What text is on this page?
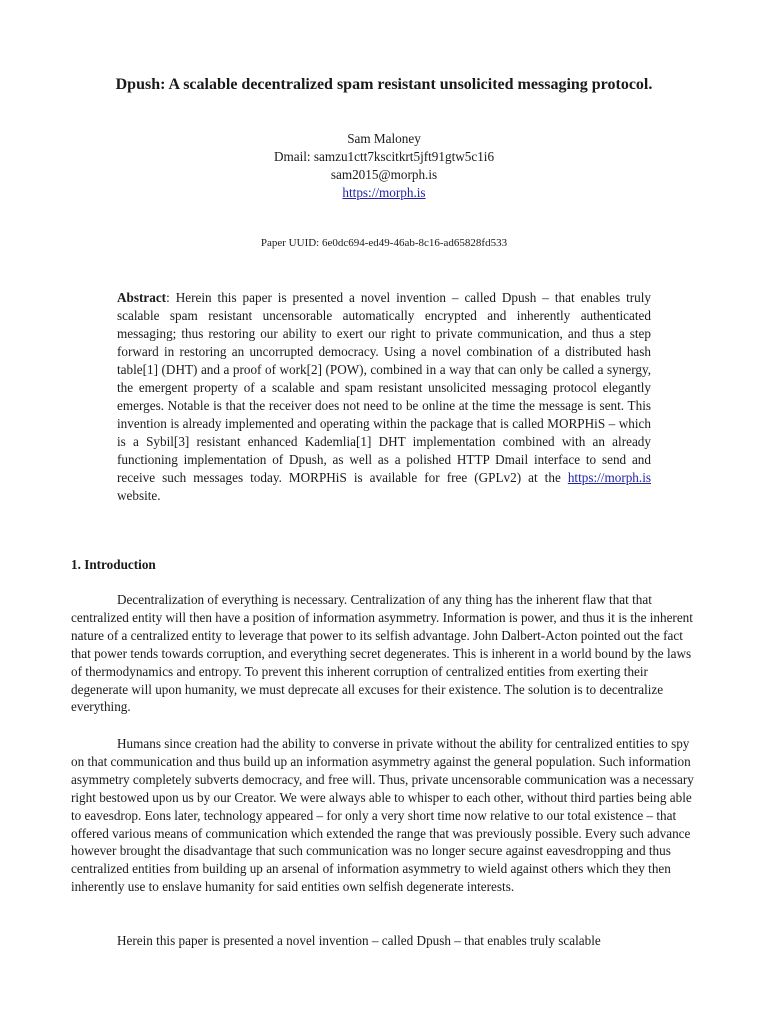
Dpush: A scalable decentralized spam resistant unsolicited messaging protocol.
Sam Maloney
Dmail: samzu1ctt7kscitkrt5jft91gtw5c1i6
sam2015@morph.is
https://morph.is
Paper UUID: 6e0dc694-ed49-46ab-8c16-ad65828fd533

Abstract: Herein this paper is presented a novel invention – called Dpush – that enables truly scalable spam resistant uncensorable automatically encrypted and inherently authenticated messaging; thus restoring our ability to exert our right to private communication, and thus a step forward in restoring an uncorrupted democracy. Using a novel combination of a distributed hash table[1] (DHT) and a proof of work[2] (POW), combined in a way that can only be called a synergy, the emergent property of a scalable and spam resistant unsolicited messaging protocol elegantly emerges. Notable is that the receiver does not need to be online at the time the message is sent. This invention is already implemented and operating within the package that is called MORPHiS – which is a Sybil[3] resistant enhanced Kademlia[1] DHT implementation combined with an already functioning implementation of Dpush, as well as a polished HTTP Dmail interface to send and receive such messages today. MORPHiS is available for free (GPLv2) at the https://morph.is website.

1. Introduction

Decentralization of everything is necessary. Centralization of any thing has the inherent flaw that that centralized entity will then have a position of information asymmetry. Information is power, and thus it is the inherent nature of a centralized entity to leverage that power to its selfish advantage. John Dalbert-Acton pointed out the fact that power tends towards corruption, and everything secret degenerates. This is inherent in a world bound by the laws of thermodynamics and entropy. To prevent this inherent corruption of centralized entities from exerting their degenerate will upon humanity, we must deprecate all excuses for their existence. The solution is to decentralize everything.

Humans since creation had the ability to converse in private without the ability for centralized entities to spy on that communication and thus build up an information asymmetry against the general population. Such information asymmetry completely subverts democracy, and free will. Thus, private uncensorable communication was a necessary right bestowed upon us by our Creator. We were always able to whisper to each other, without third parties being able to eavesdrop. Eons later, technology appeared – for only a very short time now relative to our total existence – that offered various means of communication which extended the range that was previously possible. Every such advance however brought the disadvantage that such communication was no longer secure against eavesdropping and thus centralized entities from building up an arsenal of information asymmetry to wield against others which they then inherently use to enslave humanity for said entities own selfish degenerate interests.

Herein this paper is presented a novel invention – called Dpush – that enables truly scalable
